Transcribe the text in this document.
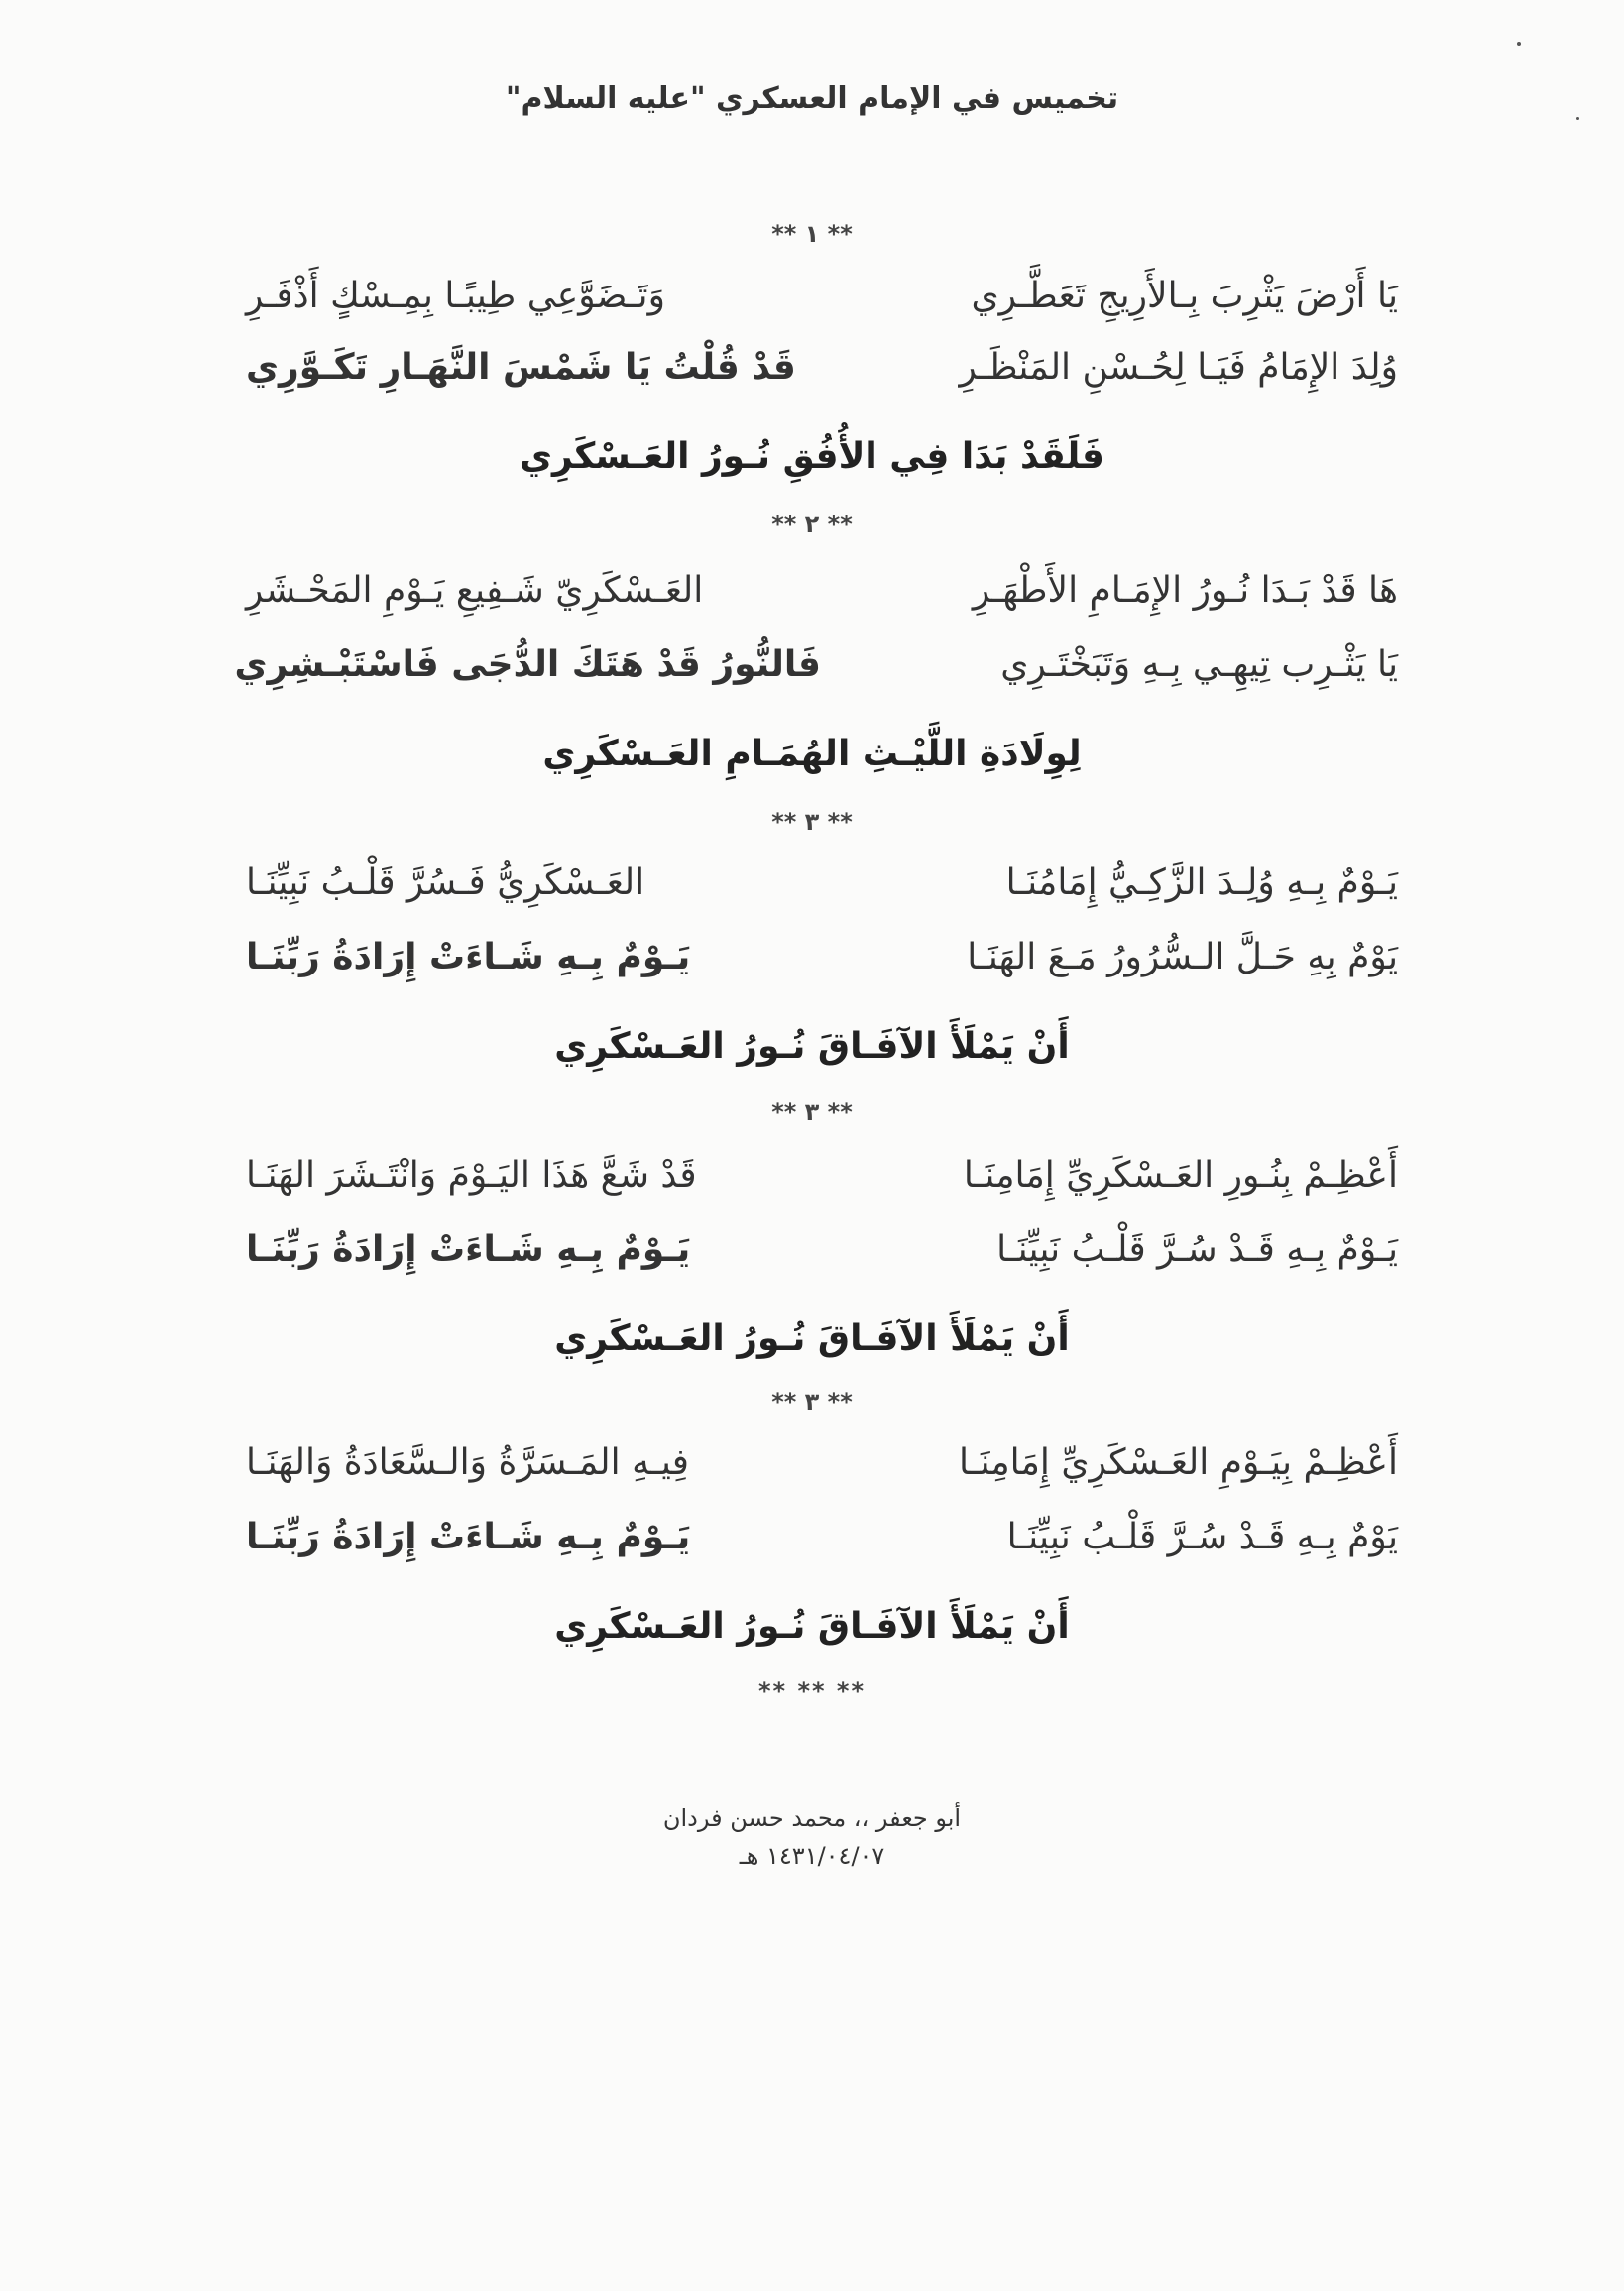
تخميس في الإمام العسكري "عليه السلام"
** ١ **
يَا أَرْضَ يَثْرِبَ بِـالأَرِيجِ تَعَطَّـرِي
وَتَـضَوَّعِي طِيبًـا بِمِـسْكٍ أَذْفَـرِ
وُلِدَ الإِمَامُ فَيَـا لِحُـسْنِ المَنْظَـرِ
قَدْ قُلْتُ يَا شَمْسَ النَّهَـارِ تَكَـوَّرِي
فَلَقَدْ بَدَا فِي الأُفُقِ نُـورُ العَـسْكَرِي
** ٢ **
هَا قَدْ بَـدَا نُـورُ الإِمَـامِ الأَطْهَـرِ
العَـسْكَرِيّ شَـفِيعِ يَـوْمِ المَحْـشَرِ
يَا يَثْـرِب تِيهِـي بِـهِ وَتَبَخْتَـرِي
فَالنُّورُ قَدْ هَتَكَ الدُّجَى فَاسْتَبْـشِرِي
لِوِلَادَةِ اللَّيْـثِ الهُمَـامِ العَـسْكَرِي
** ٣ **
يَـوْمٌ بِـهِ وُلِـدَ الزَّكِـيُّ إِمَامُنَـا
العَـسْكَرِيُّ فَـسُرَّ قَلْـبُ نَبِيِّنَـا
يَوْمٌ بِهِ حَـلَّ الـسُّرُورُ مَـعَ الهَنَـا
يَـوْمٌ بِـهِ شَـاءَتْ إِرَادَةُ رَبِّنَـا
أَنْ يَمْلَأَ الآفَـاقَ نُـورُ العَـسْكَرِي
** ٣ **
أَعْظِـمْ بِنُـورِ العَـسْكَرِيِّ إِمَامِنَـا
قَدْ شَعَّ هَذَا اليَـوْمَ وَانْتَـشَرَ الهَنَـا
يَـوْمٌ بِـهِ قَـدْ سُـرَّ قَلْـبُ نَبِيِّنَـا
يَـوْمٌ بِـهِ شَـاءَتْ إِرَادَةُ رَبِّنَـا
أَنْ يَمْلَأَ الآفَـاقَ نُـورُ العَـسْكَرِي
** ٣ **
أَعْظِـمْ بِيَـوْمِ العَـسْكَرِيِّ إِمَامِنَـا
فِيـهِ المَـسَرَّةُ وَالـسَّعَادَةُ وَالهَنَـا
يَوْمٌ بِـهِ قَـدْ سُـرَّ قَلْـبُ نَبِيِّنَـا
يَـوْمٌ بِـهِ شَـاءَتْ إِرَادَةُ رَبِّنَـا
أَنْ يَمْلَأَ الآفَـاقَ نُـورُ العَـسْكَرِي
** ** **
أبو جعفر ،، محمد حسن فردان
١٤٣١/٠٤/٠٧ هـ
